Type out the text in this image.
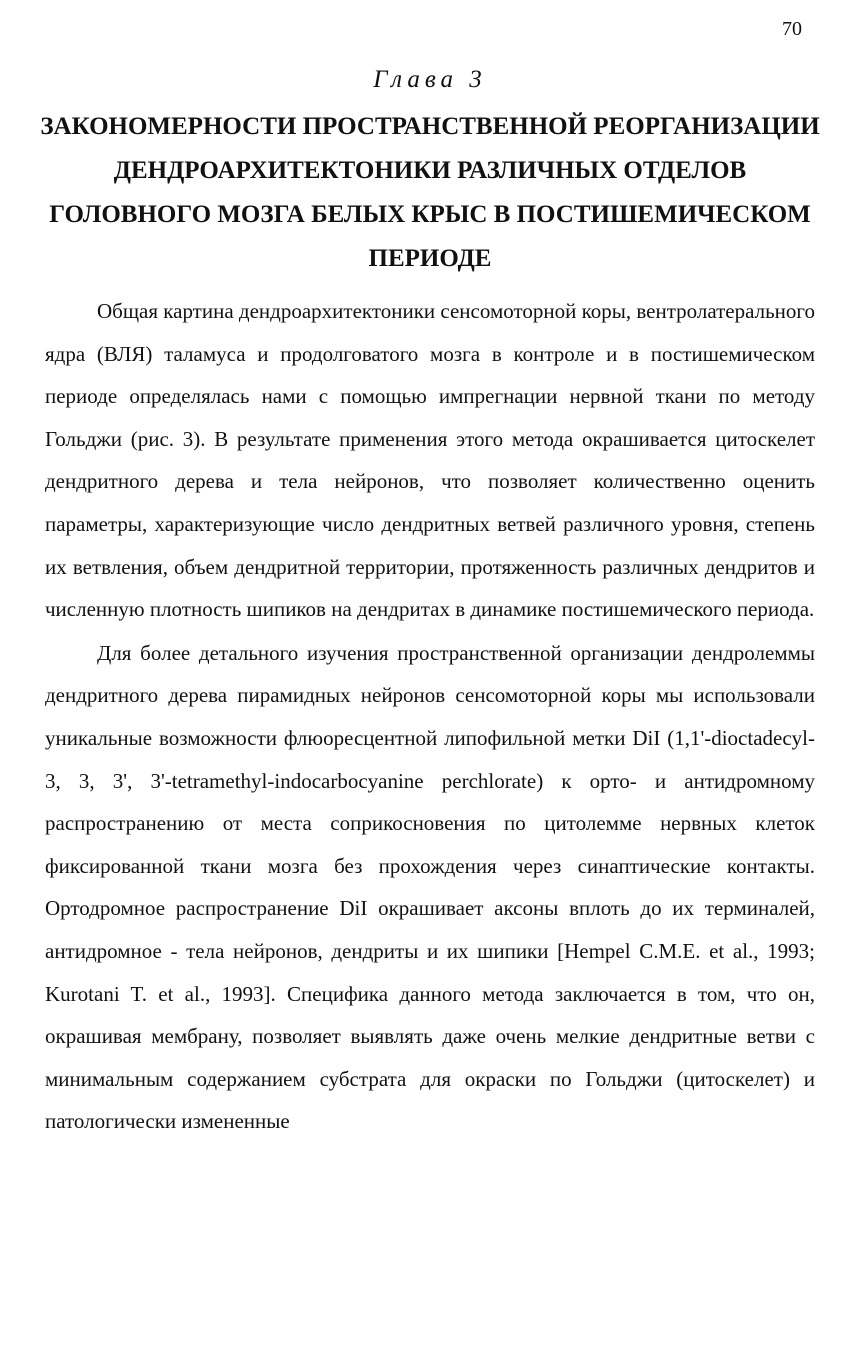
70
Глава 3
ЗАКОНОМЕРНОСТИ ПРОСТРАНСТВЕННОЙ РЕОРГАНИЗАЦИИ ДЕНДРОАРХИТЕКТОНИКИ РАЗЛИЧНЫХ ОТДЕЛОВ ГОЛОВНОГО МОЗГА БЕЛЫХ КРЫС В ПОСТИШЕМИЧЕСКОМ ПЕРИОДЕ

Общая картина дендроархитектоники сенсомоторной коры, вентролатерального ядра (ВЛЯ) таламуса и продолговатого мозга в контроле и в постишемическом периоде определялась нами с помощью импрегнации нервной ткани по методу Гольджи (рис. 3). В результате применения этого метода окрашивается цитоскелет дендритного дерева и тела нейронов, что позволяет количественно оценить параметры, характеризующие число дендритных ветвей различного уровня, степень их ветвления, объем дендритной территории, протяженность различных дендритов и численную плотность шипиков на дендритах в динамике постишемического периода.

Для более детального изучения пространственной организации дендролеммы дендритного дерева пирамидных нейронов сенсомоторной коры мы использовали уникальные возможности флюоресцентной липофильной метки DiI (1,1'-dioctadecyl-3, 3, 3', 3'-tetramethyl-indocarbocyanine perchlorate) к орто- и антидромному распространению от места соприкосновения по цитолемме нервных клеток фиксированной ткани мозга без прохождения через синаптические контакты. Ортодромное распространение DiI окрашивает аксоны вплоть до их терминалей, антидромное - тела нейронов, дендриты и их шипики [Hempel C.M.E. et al., 1993; Kurotani T. et al., 1993]. Специфика данного метода заключается в том, что он, окрашивая мембрану, позволяет выявлять даже очень мелкие дендритные ветви с минимальным содержанием субстрата для окраски по Гольджи (цитоскелет) и патологически измененные
